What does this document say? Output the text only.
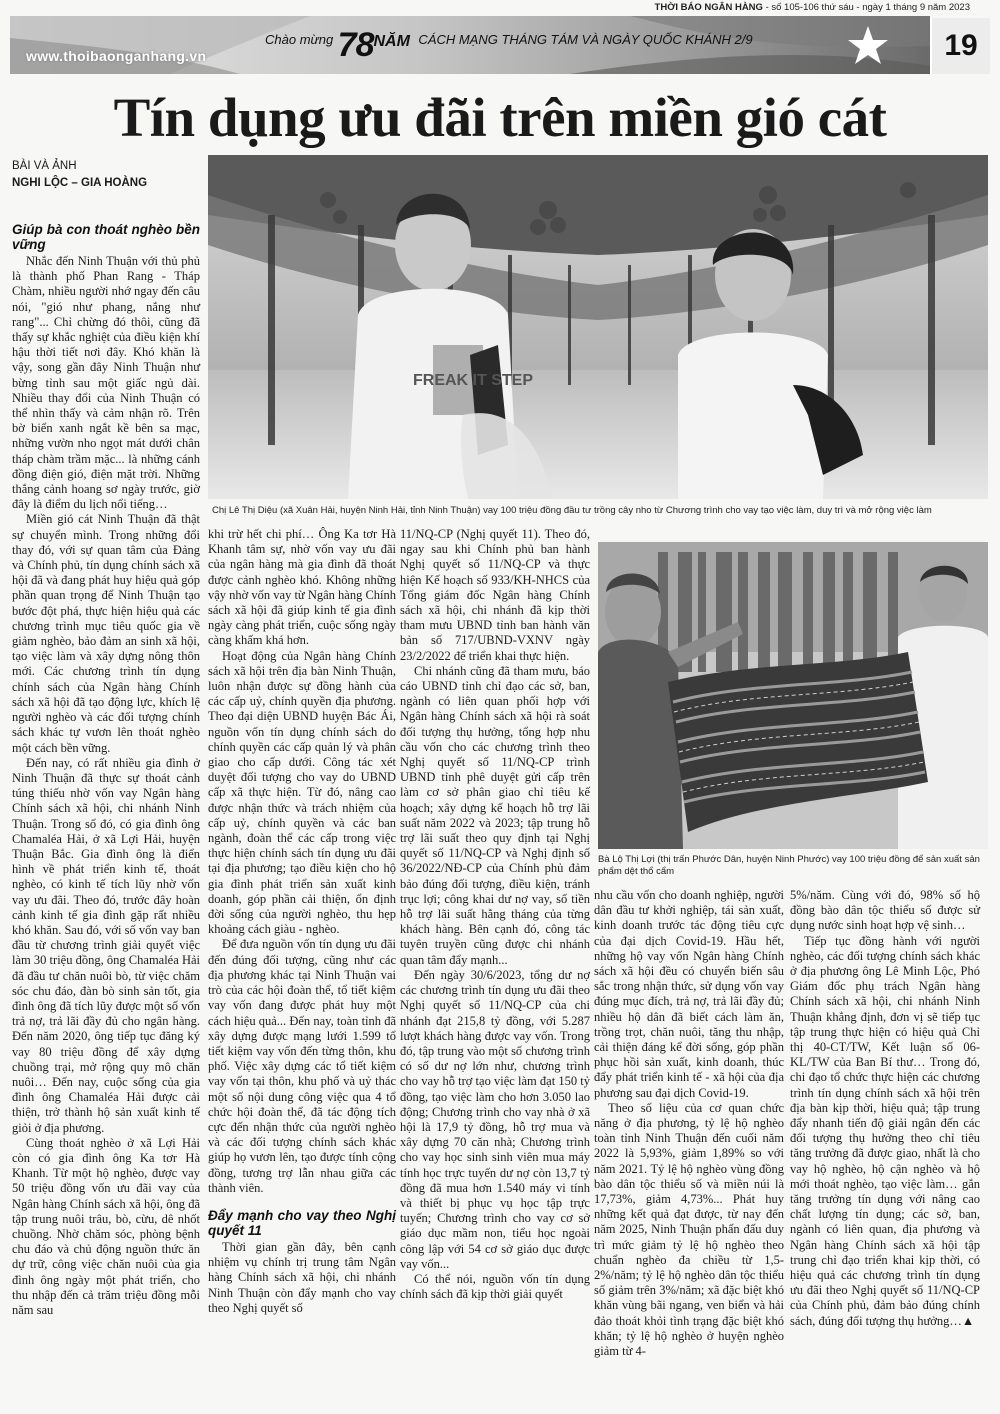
THỜI BÁO NGÂN HÀNG - số 105-106 thứ sáu - ngày 1 tháng 9 năm 2023
www.thoibaonganhang.vn
$^{Chào mừng}$ 78NĂM $^{CÁCH MẠNG THÁNG TÁM VÀ NGÀY QUỐC KHÁNH 2/9}$	19
Tín dụng ưu đãi trên miền gió cát
BÀI VÀ ẢNH
NGHI LỘC – GIA HOÀNG
FREAK IT STEP
Chị Lê Thị Diệu (xã Xuân Hải, huyện Ninh Hải, tỉnh Ninh Thuận) vay 100 triệu đồng đầu tư trồng cây nho từ Chương trình cho vay tạo việc làm, duy trì và mở rộng việc làm
Bà Lộ Thị Lợi (thị trấn Phước Dân, huyện Ninh Phước) vay 100 triệu đồng để sản xuất sản phẩm dệt thổ cẩm
Giúp bà con thoát nghèo bền vững

Nhắc đến Ninh Thuận với thủ phủ là thành phố Phan Rang - Tháp Chàm, nhiều người nhớ ngay đến câu nói, "gió như phang, nắng như rang"... Chỉ chừng đó thôi, cũng đã thấy sự khắc nghiệt của điều kiện khí hậu thời tiết nơi đây. Khó khăn là vậy, song gần đây Ninh Thuận như bừng tỉnh sau một giấc ngủ dài. Nhiều thay đổi của Ninh Thuận có thể nhìn thấy và cảm nhận rõ. Trên bờ biển xanh ngắt kề bên sa mạc, những vườn nho ngọt mát dưới chân tháp chàm trầm mặc... là những cánh đồng điện gió, điện mặt trời. Những thắng cảnh hoang sơ ngày trước, giờ đây là điểm du lịch nổi tiếng…

Miền gió cát Ninh Thuận đã thật sự chuyển mình. Trong những đổi thay đó, với sự quan tâm của Đảng và Chính phủ, tín dụng chính sách xã hội đã và đang phát huy hiệu quả góp phần quan trọng để Ninh Thuận tạo bước đột phá, thực hiện hiệu quả các chương trình mục tiêu quốc gia về giảm nghèo, bảo đảm an sinh xã hội, tạo việc làm và xây dựng nông thôn mới. Các chương trình tín dụng chính sách của Ngân hàng Chính sách xã hội đã tạo động lực, khích lệ người nghèo và các đối tượng chính sách khác tự vươn lên thoát nghèo một cách bền vững.

Đến nay, có rất nhiều gia đình ở Ninh Thuận đã thực sự thoát cảnh túng thiếu nhờ vốn vay Ngân hàng Chính sách xã hội, chi nhánh Ninh Thuận. Trong số đó, có gia đình ông Chamaléa Hải, ở xã Lợi Hải, huyện Thuận Bắc. Gia đình ông là điển hình về phát triển kinh tế, thoát nghèo, có kinh tế tích lũy nhờ vốn vay ưu đãi. Theo đó, trước đây hoàn cảnh kinh tế gia đình gặp rất nhiều khó khăn. Sau đó, với số vốn vay ban đầu từ chương trình giải quyết việc làm 30 triệu đồng, ông Chamaléa Hải đã đầu tư chăn nuôi bò, từ việc chăm sóc chu đáo, đàn bò sinh sản tốt, gia đình ông đã tích lũy được một số vốn trả nợ, trả lãi đầy đủ cho ngân hàng. Đến năm 2020, ông tiếp tục đăng ký vay 80 triệu đồng để xây dựng chuồng trại, mở rộng quy mô chăn nuôi… Đến nay, cuộc sống của gia đình ông Chamaléa Hải được cải thiện, trở thành hộ sản xuất kinh tế giỏi ở địa phương.

Cùng thoát nghèo ở xã Lợi Hải còn có gia đình ông Ka tơr Hà Khanh. Từ một hộ nghèo, được vay 50 triệu đồng vốn ưu đãi vay của Ngân hàng Chính sách xã hội, ông đã tập trung nuôi trâu, bò, cừu, dê nhốt chuồng. Nhờ chăm sóc, phòng bệnh chu đáo và chủ động nguồn thức ăn dự trữ, công việc chăn nuôi của gia đình ông ngày một phát triển, cho thu nhập đến cả trăm triệu đồng mỗi năm sau

khi trừ hết chi phí… Ông Ka tơr Hà Khanh tâm sự, nhờ vốn vay ưu đãi của ngân hàng mà gia đình đã thoát được cảnh nghèo khó. Không những vậy nhờ vốn vay từ Ngân hàng Chính sách xã hội đã giúp kinh tế gia đình ngày càng phát triển, cuộc sống ngày càng khấm khá hơn.

Hoạt động của Ngân hàng Chính sách xã hội trên địa bàn Ninh Thuận, luôn nhận được sự đồng hành của các cấp uỷ, chính quyền địa phương. Theo đại diện UBND huyện Bác Ái, nguồn vốn tín dụng chính sách do chính quyền các cấp quản lý và phân giao cho cấp dưới. Công tác xét duyệt đối tượng cho vay do UBND cấp xã thực hiện. Từ đó, nâng cao được nhận thức và trách nhiệm của cấp uỷ, chính quyền và các ban ngành, đoàn thể các cấp trong việc thực hiện chính sách tín dụng ưu đãi tại địa phương; tạo điều kiện cho hộ gia đình phát triển sản xuất kinh doanh, góp phần cải thiện, ổn định đời sống của người nghèo, thu hẹp khoảng cách giàu - nghèo.

Để đưa nguồn vốn tín dụng ưu đãi đến đúng đối tượng, cũng như các địa phương khác tại Ninh Thuận vai trò của các hội đoàn thể, tổ tiết kiệm vay vốn đang được phát huy một cách hiệu quả... Đến nay, toàn tỉnh đã xây dựng được mạng lưới 1.599 tổ tiết kiệm vay vốn đến từng thôn, khu phố. Việc xây dựng các tổ tiết kiệm vay vốn tại thôn, khu phố và uỷ thác một số nội dung công việc qua 4 tổ chức hội đoàn thể, đã tác động tích cực đến nhận thức của người nghèo và các đối tượng chính sách khác giúp họ vươn lên, tạo được tính cộng đồng, tương trợ lẫn nhau giữa các thành viên.

Đẩy mạnh cho vay theo Nghị quyết 11

Thời gian gần đây, bên cạnh nhiệm vụ chính trị trung tâm Ngân hàng Chính sách xã hội, chi nhánh Ninh Thuận còn đẩy mạnh cho vay theo Nghị quyết số

11/NQ-CP (Nghị quyết 11). Theo đó, ngay sau khi Chính phủ ban hành Nghị quyết số 11/NQ-CP và thực hiện Kế hoạch số 933/KH-NHCS của Tổng giám đốc Ngân hàng Chính sách xã hội, chi nhánh đã kịp thời tham mưu UBND tỉnh ban hành văn bản số 717/UBND-VXNV ngày 23/2/2022 để triển khai thực hiện.

Chi nhánh cũng đã tham mưu, báo cáo UBND tỉnh chỉ đạo các sở, ban, ngành có liên quan phối hợp với Ngân hàng Chính sách xã hội rà soát đối tượng thụ hưởng, tổng hợp nhu cầu vốn cho các chương trình theo Nghị quyết số 11/NQ-CP trình UBND tỉnh phê duyệt gửi cấp trên làm cơ sở phân giao chỉ tiêu kế hoạch; xây dựng kế hoạch hỗ trợ lãi suất năm 2022 và 2023; tập trung hỗ trợ lãi suất theo quy định tại Nghị quyết số 11/NQ-CP và Nghị định số 36/2022/NĐ-CP của Chính phủ đảm bảo đúng đối tượng, điều kiện, tránh trục lợi; công khai dư nợ vay, số tiền hỗ trợ lãi suất hằng tháng của từng khách hàng. Bên cạnh đó, công tác tuyên truyền cũng được chi nhánh quan tâm đẩy mạnh...

Đến ngày 30/6/2023, tổng dư nợ các chương trình tín dụng ưu đãi theo Nghị quyết số 11/NQ-CP của chi nhánh đạt 215,8 tỷ đồng, với 5.287 lượt khách hàng được vay vốn. Trong đó, tập trung vào một số chương trình có số dư nợ lớn như, chương trình cho vay hỗ trợ tạo việc làm đạt 150 tỷ đồng, tạo việc làm cho hơn 3.050 lao động; Chương trình cho vay nhà ở xã hội là 17,9 tỷ đồng, hỗ trợ mua và xây dựng 70 căn nhà; Chương trình cho vay học sinh sinh viên mua máy tính học trực tuyến dư nợ còn 13,7 tỷ đồng đã mua hơn 1.540 máy vi tính và thiết bị phục vụ học tập trực tuyến; Chương trình cho vay cơ sở giáo dục mầm non, tiểu học ngoài công lập với 54 cơ sở giáo dục được vay vốn...

Có thể nói, nguồn vốn tín dụng chính sách đã kịp thời giải quyết

nhu cầu vốn cho doanh nghiệp, người dân đầu tư khởi nghiệp, tái sản xuất, kinh doanh trước tác động tiêu cực của đại dịch Covid-19. Hầu hết, những hộ vay vốn Ngân hàng Chính sách xã hội đều có chuyển biến sâu sắc trong nhận thức, sử dụng vốn vay đúng mục đích, trả nợ, trả lãi đầy đủ; nhiều hộ dân đã biết cách làm ăn, trồng trọt, chăn nuôi, tăng thu nhập, cải thiện đáng kể đời sống, góp phần phục hồi sản xuất, kinh doanh, thúc đẩy phát triển kinh tế - xã hội của địa phương sau đại dịch Covid-19.

Theo số liệu của cơ quan chức năng ở địa phương, tỷ lệ hộ nghèo toàn tỉnh Ninh Thuận đến cuối năm 2022 là 5,93%, giảm 1,89% so với năm 2021. Tỷ lệ hộ nghèo vùng đồng bào dân tộc thiểu số và miền núi là 17,73%, giảm 4,73%... Phát huy những kết quả đạt được, từ nay đến năm 2025, Ninh Thuận phấn đấu duy trì mức giảm tỷ lệ hộ nghèo theo chuẩn nghèo đa chiều từ 1,5-2%/năm; tỷ lệ hộ nghèo dân tộc thiểu số giảm trên 3%/năm; xã đặc biệt khó khăn vùng bãi ngang, ven biển và hải đảo thoát khỏi tình trạng đặc biệt khó khăn; tỷ lệ hộ nghèo ở huyện nghèo giảm từ 4-

5%/năm. Cùng với đó, 98% số hộ đồng bào dân tộc thiểu số được sử dụng nước sinh hoạt hợp vệ sinh…

Tiếp tục đồng hành với người nghèo, các đối tượng chính sách khác ở địa phương ông Lê Minh Lộc, Phó Giám đốc phụ trách Ngân hàng Chính sách xã hội, chi nhánh Ninh Thuận khẳng định, đơn vị sẽ tiếp tục tập trung thực hiện có hiệu quả Chỉ thị 40-CT/TW, Kết luận số 06-KL/TW của Ban Bí thư… Trong đó, chi đạo tổ chức thực hiện các chương trình tín dụng chính sách xã hội trên địa bàn kịp thời, hiệu quả; tập trung đẩy nhanh tiến độ giải ngân đến các đối tượng thụ hưởng theo chỉ tiêu tăng trưởng đã được giao, nhất là cho vay hộ nghèo, hộ cận nghèo và hộ mới thoát nghèo, tạo việc làm… gắn tăng trưởng tín dụng với nâng cao chất lượng tín dụng; các sở, ban, ngành có liên quan, địa phương và Ngân hàng Chính sách xã hội tập trung chỉ đạo triển khai kịp thời, có hiệu quả các chương trình tín dụng ưu đãi theo Nghị quyết số 11/NQ-CP của Chính phủ, đảm bảo đúng chính sách, đúng đối tượng thụ hưởng…▲
